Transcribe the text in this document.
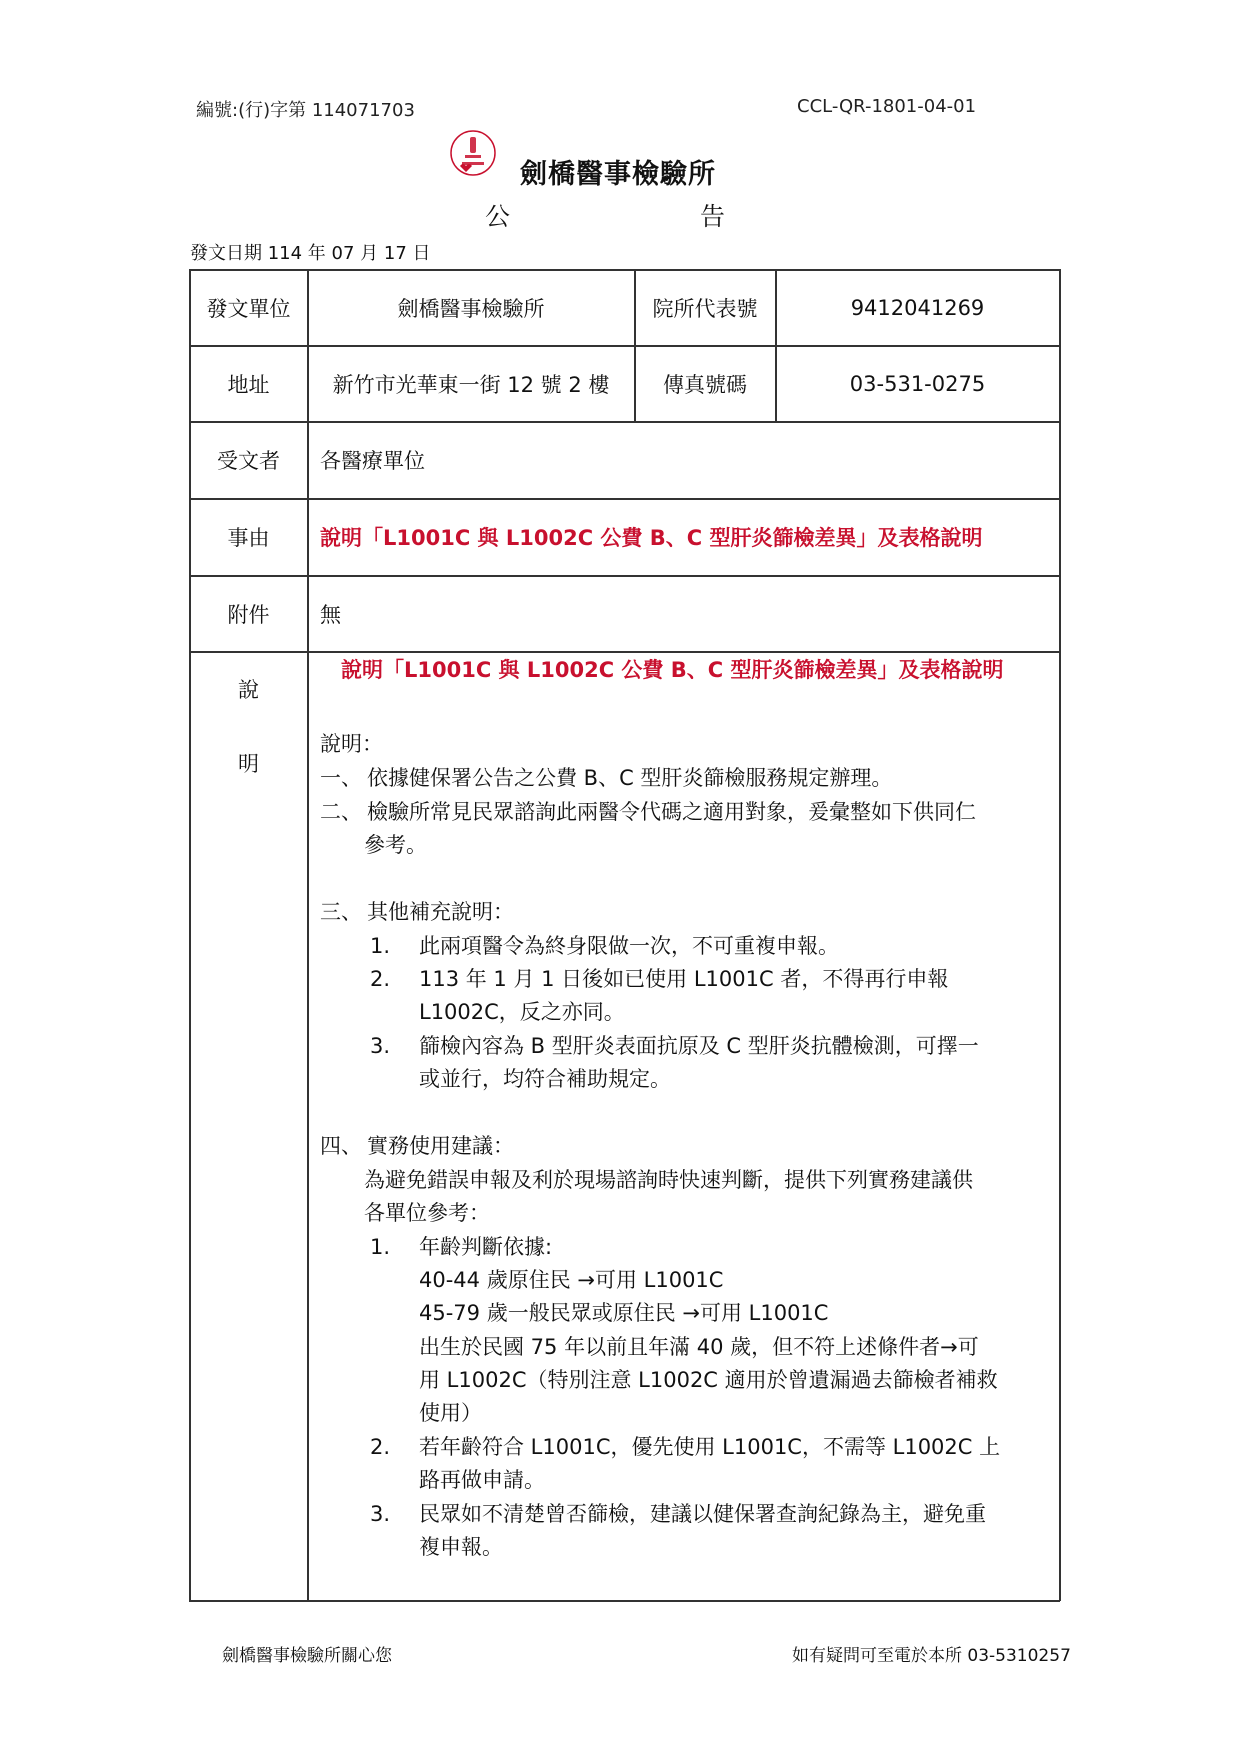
編號:(行)字第 114071703	CCL-QR-1801-04-01
劍橋醫事檢驗所
公	告
發文日期 114 年 07 月 17 日
發文單位	劍橋醫事檢驗所	院所代表號	9412041269
地址	新竹市光華東一街 12 號 2 樓	傳真號碼	03-531-0275
受文者	各醫療單位
事由	說明「L1001C 與 L1002C 公費 B、C 型肝炎篩檢差異」及表格說明
附件	無
說
明
說明「L1001C 與 L1002C 公費 B、C 型肝炎篩檢差異」及表格說明
說明：
一、 依據健保署公告之公費 B、C 型肝炎篩檢服務規定辦理。
二、 檢驗所常見民眾諮詢此兩醫令代碼之適用對象，爰彙整如下供同仁
參考。
三、 其他補充說明：
1. 此兩項醫令為終身限做一次，不可重複申報。
2. 113 年 1 月 1 日後如已使用 L1001C 者，不得再行申報
L1002C，反之亦同。
3. 篩檢內容為 B 型肝炎表面抗原及 C 型肝炎抗體檢測，可擇一
或並行，均符合補助規定。
四、 實務使用建議：
為避免錯誤申報及利於現場諮詢時快速判斷，提供下列實務建議供
各單位參考：
1. 年齡判斷依據:
40-44 歲原住民 →可用 L1001C
45-79 歲一般民眾或原住民 →可用 L1001C
出生於民國 75 年以前且年滿 40 歲，但不符上述條件者→可
用 L1002C（特別注意 L1002C 適用於曾遺漏過去篩檢者補救
使用）
2. 若年齡符合 L1001C，優先使用 L1001C，不需等 L1002C 上
路再做申請。
3. 民眾如不清楚曾否篩檢，建議以健保署查詢紀錄為主，避免重
複申報。
劍橋醫事檢驗所關心您	如有疑問可至電於本所 03-5310257
